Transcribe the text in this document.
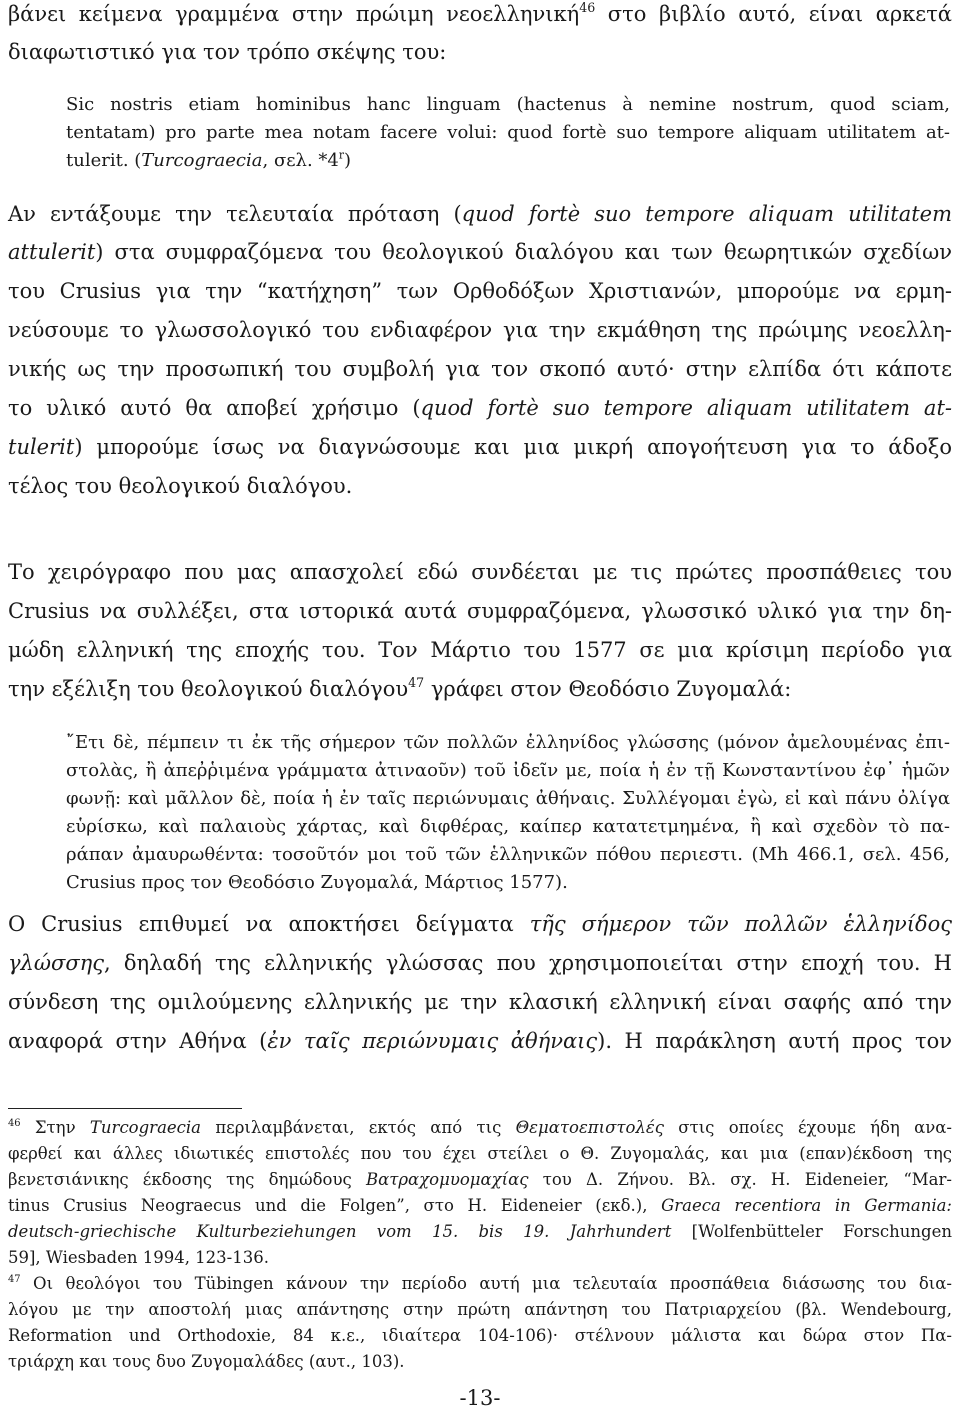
βάνει κείμενα γραμμένα στην πρώιμη νεοελληνική$^{46}$ στο βιβλίο αυτό, είναι αρκετά
διαφωτιστικό για τον τρόπο σκέψης του:
Sic nostris etiam hominibus hanc linguam (hactenus à nemine nostrum, quod sciam,
tentatam) pro parte mea notam facere volui: quod fortè suo tempore aliquam utilitatem at-
tulerit. (Turcograecia, σελ. *4$^r$)
Αν εντάξουμε την τελευταία πρόταση (quod fortè suo tempore aliquam utilitatem
attulerit) στα συμφραζόμενα του θεολογικού διαλόγου και των θεωρητικών σχεδίων
του Crusius για την “κατήχηση” των Ορθοδόξων Χριστιανών, μπορούμε να ερμη-
νεύσουμε το γλωσσολογικό του ενδιαφέρον για την εκμάθηση της πρώιμης νεοελλη-
νικής ως την προσωπική του συμβολή για τον σκοπό αυτό· στην ελπίδα ότι κάποτε
το υλικό αυτό θα αποβεί χρήσιμο (quod fortè suo tempore aliquam utilitatem at-
tulerit) μπορούμε ίσως να διαγνώσουμε και μια μικρή απογοήτευση για το άδοξο
τέλος του θεολογικού διαλόγου.
Το χειρόγραφο που μας απασχολεί εδώ συνδέεται με τις πρώτες προσπάθειες του
Crusius να συλλέξει, στα ιστορικά αυτά συμφραζόμενα, γλωσσικό υλικό για την δη-
μώδη ελληνική της εποχής του. Τον Μάρτιο του 1577 σε μια κρίσιμη περίοδο για
την εξέλιξη του θεολογικού διαλόγου$^{47}$ γράφει στον Θεοδόσιο Ζυγομαλά:
῎Ετι δὲ, πέμπειν τι ἐκ τῆς σήμερον τῶν πολλῶν ἑλληνίδος γλώσσης (μόνον ἀμελουμένας ἐπι-
στολὰς, ἢ ἀπεῤῥιμένα γράμματα ἀτιναοῦν) τοῦ ἰδεῖν με, ποία ἡ ἐν τῇ Κωνσταντίνου ἐφ᾿ ἡμῶν
φωνῇ: καὶ μᾶλλον δὲ, ποία ἡ ἐν ταῖς περιώνυμαις ἀθήναις. Συλλέγομαι ἐγὼ, εἰ καὶ πάνυ ὀλίγα
εὑρίσκω, καὶ παλαιοὺς χάρτας, καὶ διφθέρας, καίπερ κατατετμημένα, ἢ καὶ σχεδὸν τὸ πα-
ράπαν ἀμαυρωθέντα: τοσοῦτόν μοι τοῦ τῶν ἑλληνικῶν πόθου περιεστι. (Mh 466.1, σελ. 456,
Crusius προς τον Θεοδόσιο Ζυγομαλά, Μάρτιος 1577).
Ο Crusius επιθυμεί να αποκτήσει δείγματα τῆς σήμερον τῶν πολλῶν ἑλληνίδος
γλώσσης, δηλαδή της ελληνικής γλώσσας που χρησιμοποιείται στην εποχή του. Η
σύνδεση της ομιλούμενης ελληνικής με την κλασική ελληνική είναι σαφής από την
αναφορά στην Αθήνα (ἐν ταῖς περιώνυμαις ἀθήναις). Η παράκληση αυτή προς τον
$^{46}$ Στην Turcograecia περιλαμβάνεται, εκτός από τις Θεματοεπιστολές στις οποίες έχουμε ήδη ανα-
φερθεί και άλλες ιδιωτικές επιστολές που του έχει στείλει ο Θ. Ζυγομαλάς, και μια (επαν)έκδοση της
βενετσιάνικης έκδοσης της δημώδους Βατραχομυομαχίας του Δ. Ζήνου. Βλ. σχ. H. Eideneier, “Mar-
tinus Crusius Neograecus und die Folgen”, στο H. Eideneier (εκδ.), Graeca recentiora in Germania:
deutsch-griechische Kulturbeziehungen vom 15. bis 19. Jahrhundert [Wolfenbütteler Forschungen
59], Wiesbaden 1994, 123-136.
$^{47}$ Οι θεολόγοι του Tübingen κάνουν την περίοδο αυτή μια τελευταία προσπάθεια διάσωσης του δια-
λόγου με την αποστολή μιας απάντησης στην πρώτη απάντηση του Πατριαρχείου (βλ. Wendebourg,
Reformation und Orthodoxie, 84 κ.ε., ιδιαίτερα 104-106)· στέλνουν μάλιστα και δώρα στον Πα-
τριάρχη και τους δυο Ζυγομαλάδες (αυτ., 103).
-13-
